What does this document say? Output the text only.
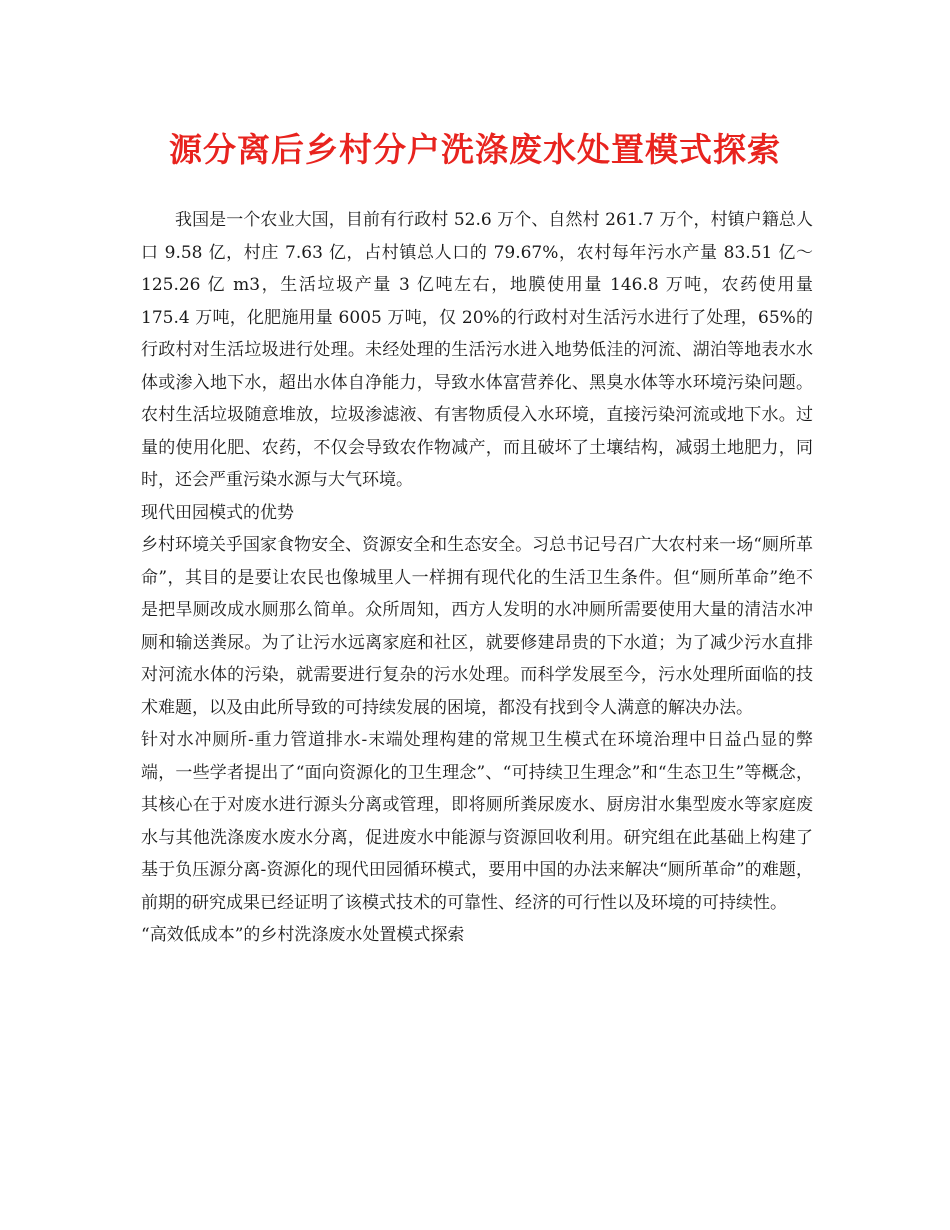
源分离后乡村分户洗涤废水处置模式探索

我国是一个农业大国，目前有行政村 52.6 万个、自然村 261.7 万个，村镇户籍总人口 9.58 亿，村庄 7.63 亿，占村镇总人口的 79.67%，农村每年污水产量 83.51 亿～125.26 亿 m3，生活垃圾产量 3 亿吨左右，地膜使用量 146.8 万吨，农药使用量 175.4 万吨，化肥施用量 6005 万吨，仅 20%的行政村对生活污水进行了处理，65%的行政村对生活垃圾进行处理。未经处理的生活污水进入地势低洼的河流、湖泊等地表水水体或渗入地下水，超出水体自净能力，导致水体富营养化、黑臭水体等水环境污染问题。农村生活垃圾随意堆放，垃圾渗滤液、有害物质侵入水环境，直接污染河流或地下水。过量的使用化肥、农药，不仅会导致农作物减产，而且破坏了土壤结构，减弱土地肥力，同时，还会严重污染水源与大气环境。

现代田园模式的优势

乡村环境关乎国家食物安全、资源安全和生态安全。习总书记号召广大农村来一场“厕所革命”，其目的是要让农民也像城里人一样拥有现代化的生活卫生条件。但“厕所革命”绝不是把旱厕改成水厕那么简单。众所周知，西方人发明的水冲厕所需要使用大量的清洁水冲厕和输送粪尿。为了让污水远离家庭和社区，就要修建昂贵的下水道；为了减少污水直排对河流水体的污染，就需要进行复杂的污水处理。而科学发展至今，污水处理所面临的技术难题，以及由此所导致的可持续发展的困境，都没有找到令人满意的解决办法。

针对水冲厕所-重力管道排水-末端处理构建的常规卫生模式在环境治理中日益凸显的弊端，一些学者提出了“面向资源化的卫生理念”、“可持续卫生理念”和“生态卫生”等概念，其核心在于对废水进行源头分离或管理，即将厕所粪尿废水、厨房泔水集型废水等家庭废水与其他洗涤废水废水分离，促进废水中能源与资源回收利用。研究组在此基础上构建了基于负压源分离-资源化的现代田园循环模式，要用中国的办法来解决“厕所革命”的难题，前期的研究成果已经证明了该模式技术的可靠性、经济的可行性以及环境的可持续性。

“高效低成本”的乡村洗涤废水处置模式探索
